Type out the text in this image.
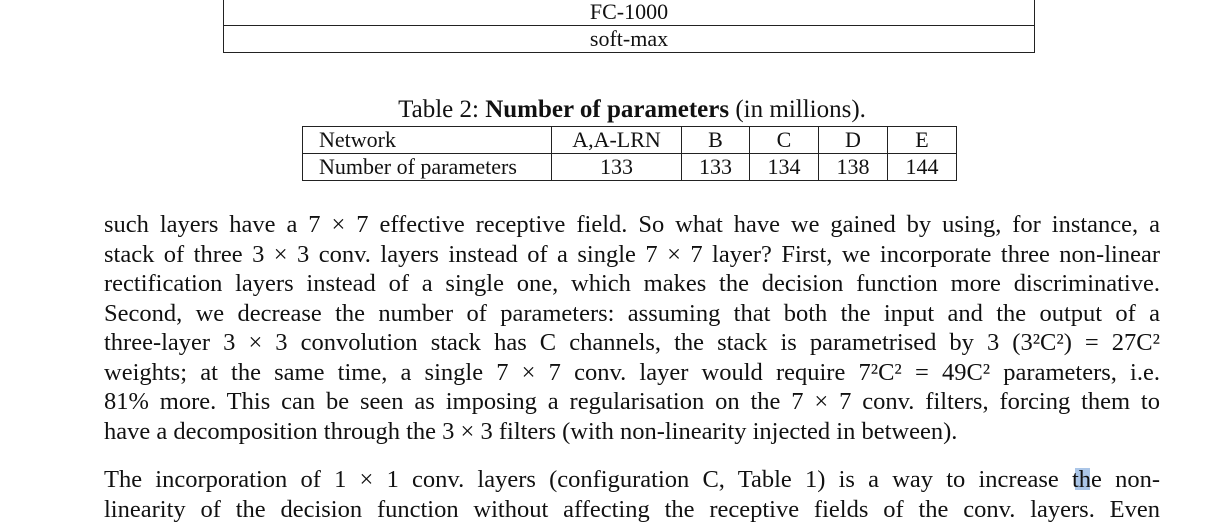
FC-1000
soft-max
Table 2: Number of parameters (in millions).
Network	A,A-LRN	B	C	D	E
Number of parameters	133	133	134	138	144
such layers have a 7 × 7 effective receptive field. So what have we gained by using, for instance, a
stack of three 3 × 3 conv. layers instead of a single 7 × 7 layer? First, we incorporate three non-linear
rectification layers instead of a single one, which makes the decision function more discriminative.
Second, we decrease the number of parameters: assuming that both the input and the output of a
three-layer 3 × 3 convolution stack has C channels, the stack is parametrised by 3 (3²C²) = 27C²
weights; at the same time, a single 7 × 7 conv. layer would require 7²C² = 49C² parameters, i.e.
81% more. This can be seen as imposing a regularisation on the 7 × 7 conv. filters, forcing them to
have a decomposition through the 3 × 3 filters (with non-linearity injected in between).
The incorporation of 1 × 1 conv. layers (configuration C, Table 1) is a way to increase the non-
linearity of the decision function without affecting the receptive fields of the conv. layers. Even
